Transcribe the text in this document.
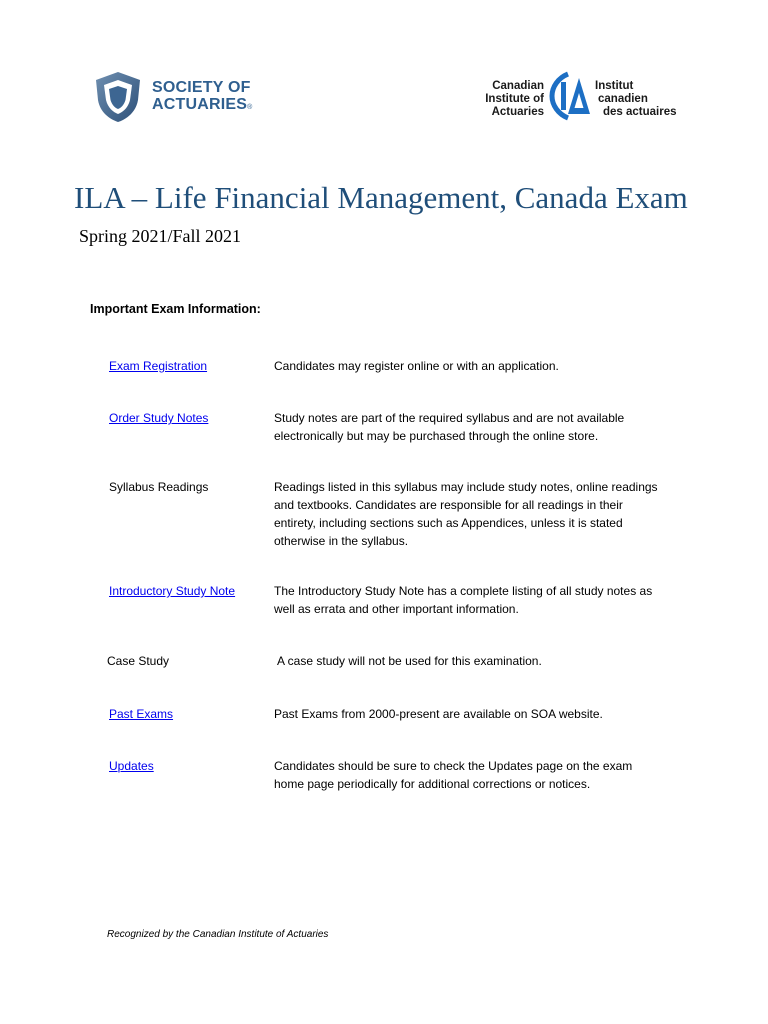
SOCIETY OF
ACTUARIES®
Canadian
Institute of
Actuaries
Institut
canadien
des actuaires
ILA – Life Financial Management, Canada Exam
Spring 2021/Fall 2021
Important Exam Information:
Exam Registration	Candidates may register online or with an application.
Order Study Notes	Study notes are part of the required syllabus and are not available electronically but may be purchased through the online store.
Syllabus Readings	Readings listed in this syllabus may include study notes, online readings and textbooks. Candidates are responsible for all readings in their entirety, including sections such as Appendices, unless it is stated otherwise in the syllabus.
Introductory Study Note	The Introductory Study Note has a complete listing of all study notes as well as errata and other important information.
Case Study	A case study will not be used for this examination.
Past Exams	Past Exams from 2000-present are available on SOA website.
Updates	Candidates should be sure to check the Updates page on the exam home page periodically for additional corrections or notices.
Recognized by the Canadian Institute of Actuaries
